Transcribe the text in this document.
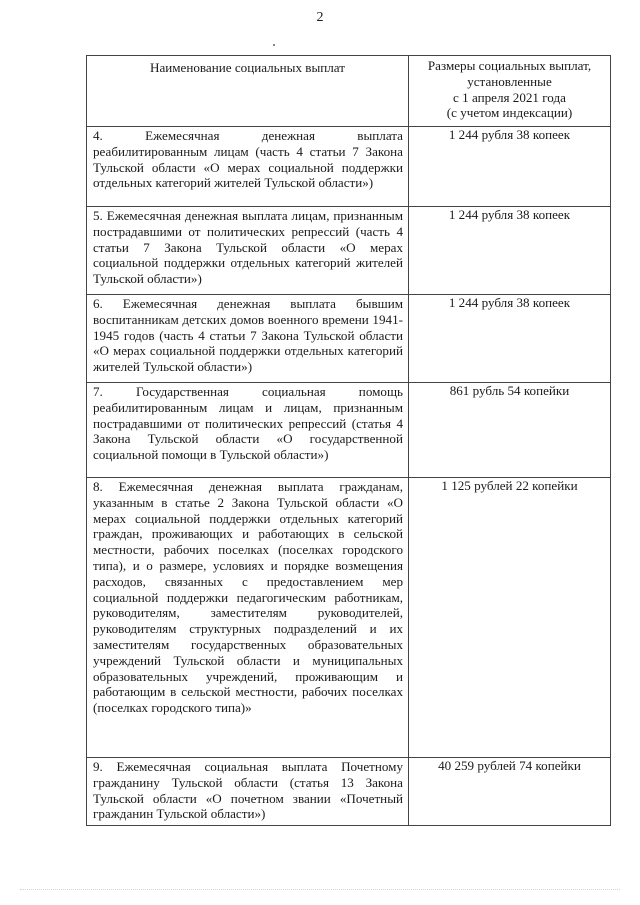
2
Наименование социальных выплат	Размеры социальных выплат,
установленные
с 1 апреля 2021 года
(с учетом индексации)

4. Ежемесячная денежная выплата реабилитированным лицам (часть 4 статьи 7 Закона Тульской области «О мерах социальной поддержки отдельных категорий жителей Тульской области»)	1 244 рубля 38 копеек
5. Ежемесячная денежная выплата лицам, признанным пострадавшими от политических репрессий (часть 4 статьи 7 Закона Тульской области «О мерах социальной поддержки отдельных категорий жителей Тульской области»)	1 244 рубля 38 копеек
6. Ежемесячная денежная выплата бывшим воспитанникам детских домов военного времени 1941-1945 годов (часть 4 статьи 7 Закона Тульской области «О мерах социальной поддержки отдельных категорий жителей Тульской области»)	1 244 рубля 38 копеек
7. Государственная социальная помощь реабилитированным лицам и лицам, признанным пострадавшими от политических репрессий (статья 4 Закона Тульской области «О государственной социальной помощи в Тульской области»)	861 рубль 54 копейки
8. Ежемесячная денежная выплата гражданам, указанным в статье 2 Закона Тульской области «О мерах социальной поддержки отдельных категорий граждан, проживающих и работающих в сельской местности, рабочих поселках (поселках городского типа), и о размере, условиях и порядке возмещения расходов, связанных с предоставлением мер социальной поддержки педагогическим работникам, руководителям, заместителям руководителей, руководителям структурных подразделений и их заместителям государственных образовательных учреждений Тульской области и муниципальных образовательных учреждений, проживающим и работающим в сельской местности, рабочих поселках (поселках городского типа)»	1 125 рублей 22 копейки
9. Ежемесячная социальная выплата Почетному гражданину Тульской области (статья 13 Закона Тульской области «О почетном звании «Почетный гражданин Тульской области»)	40 259 рублей 74 копейки
